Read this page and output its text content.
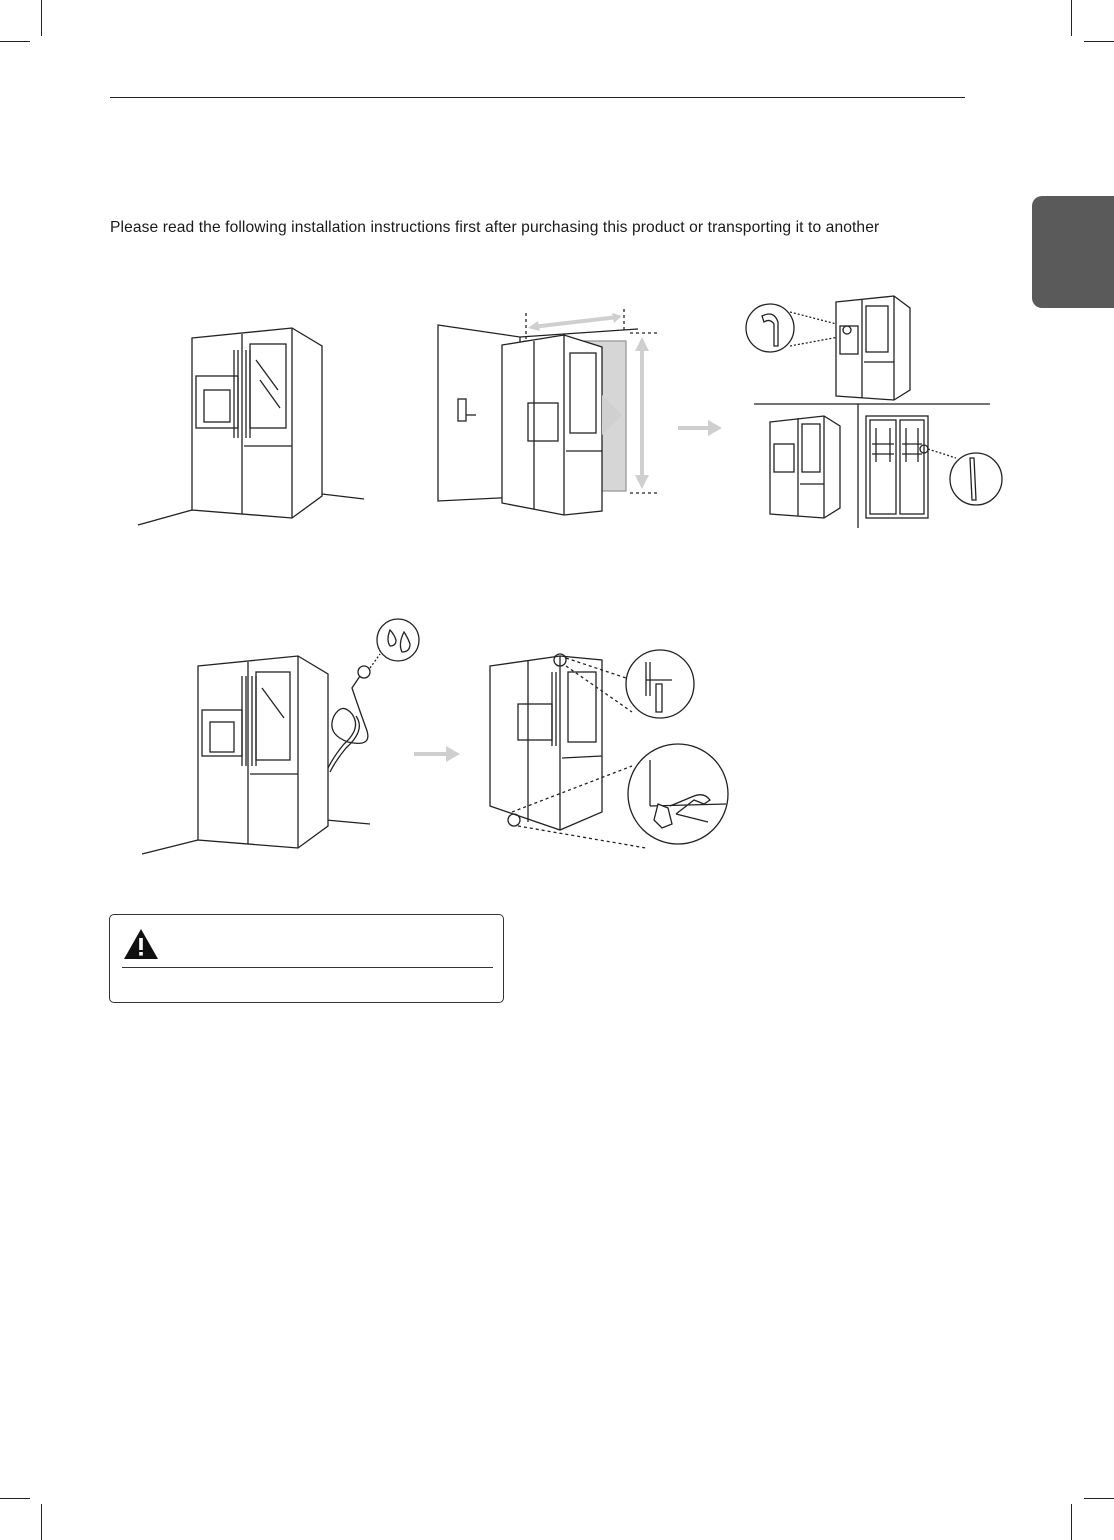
Please read the following installation instructions first after purchasing this product or transporting it to another
